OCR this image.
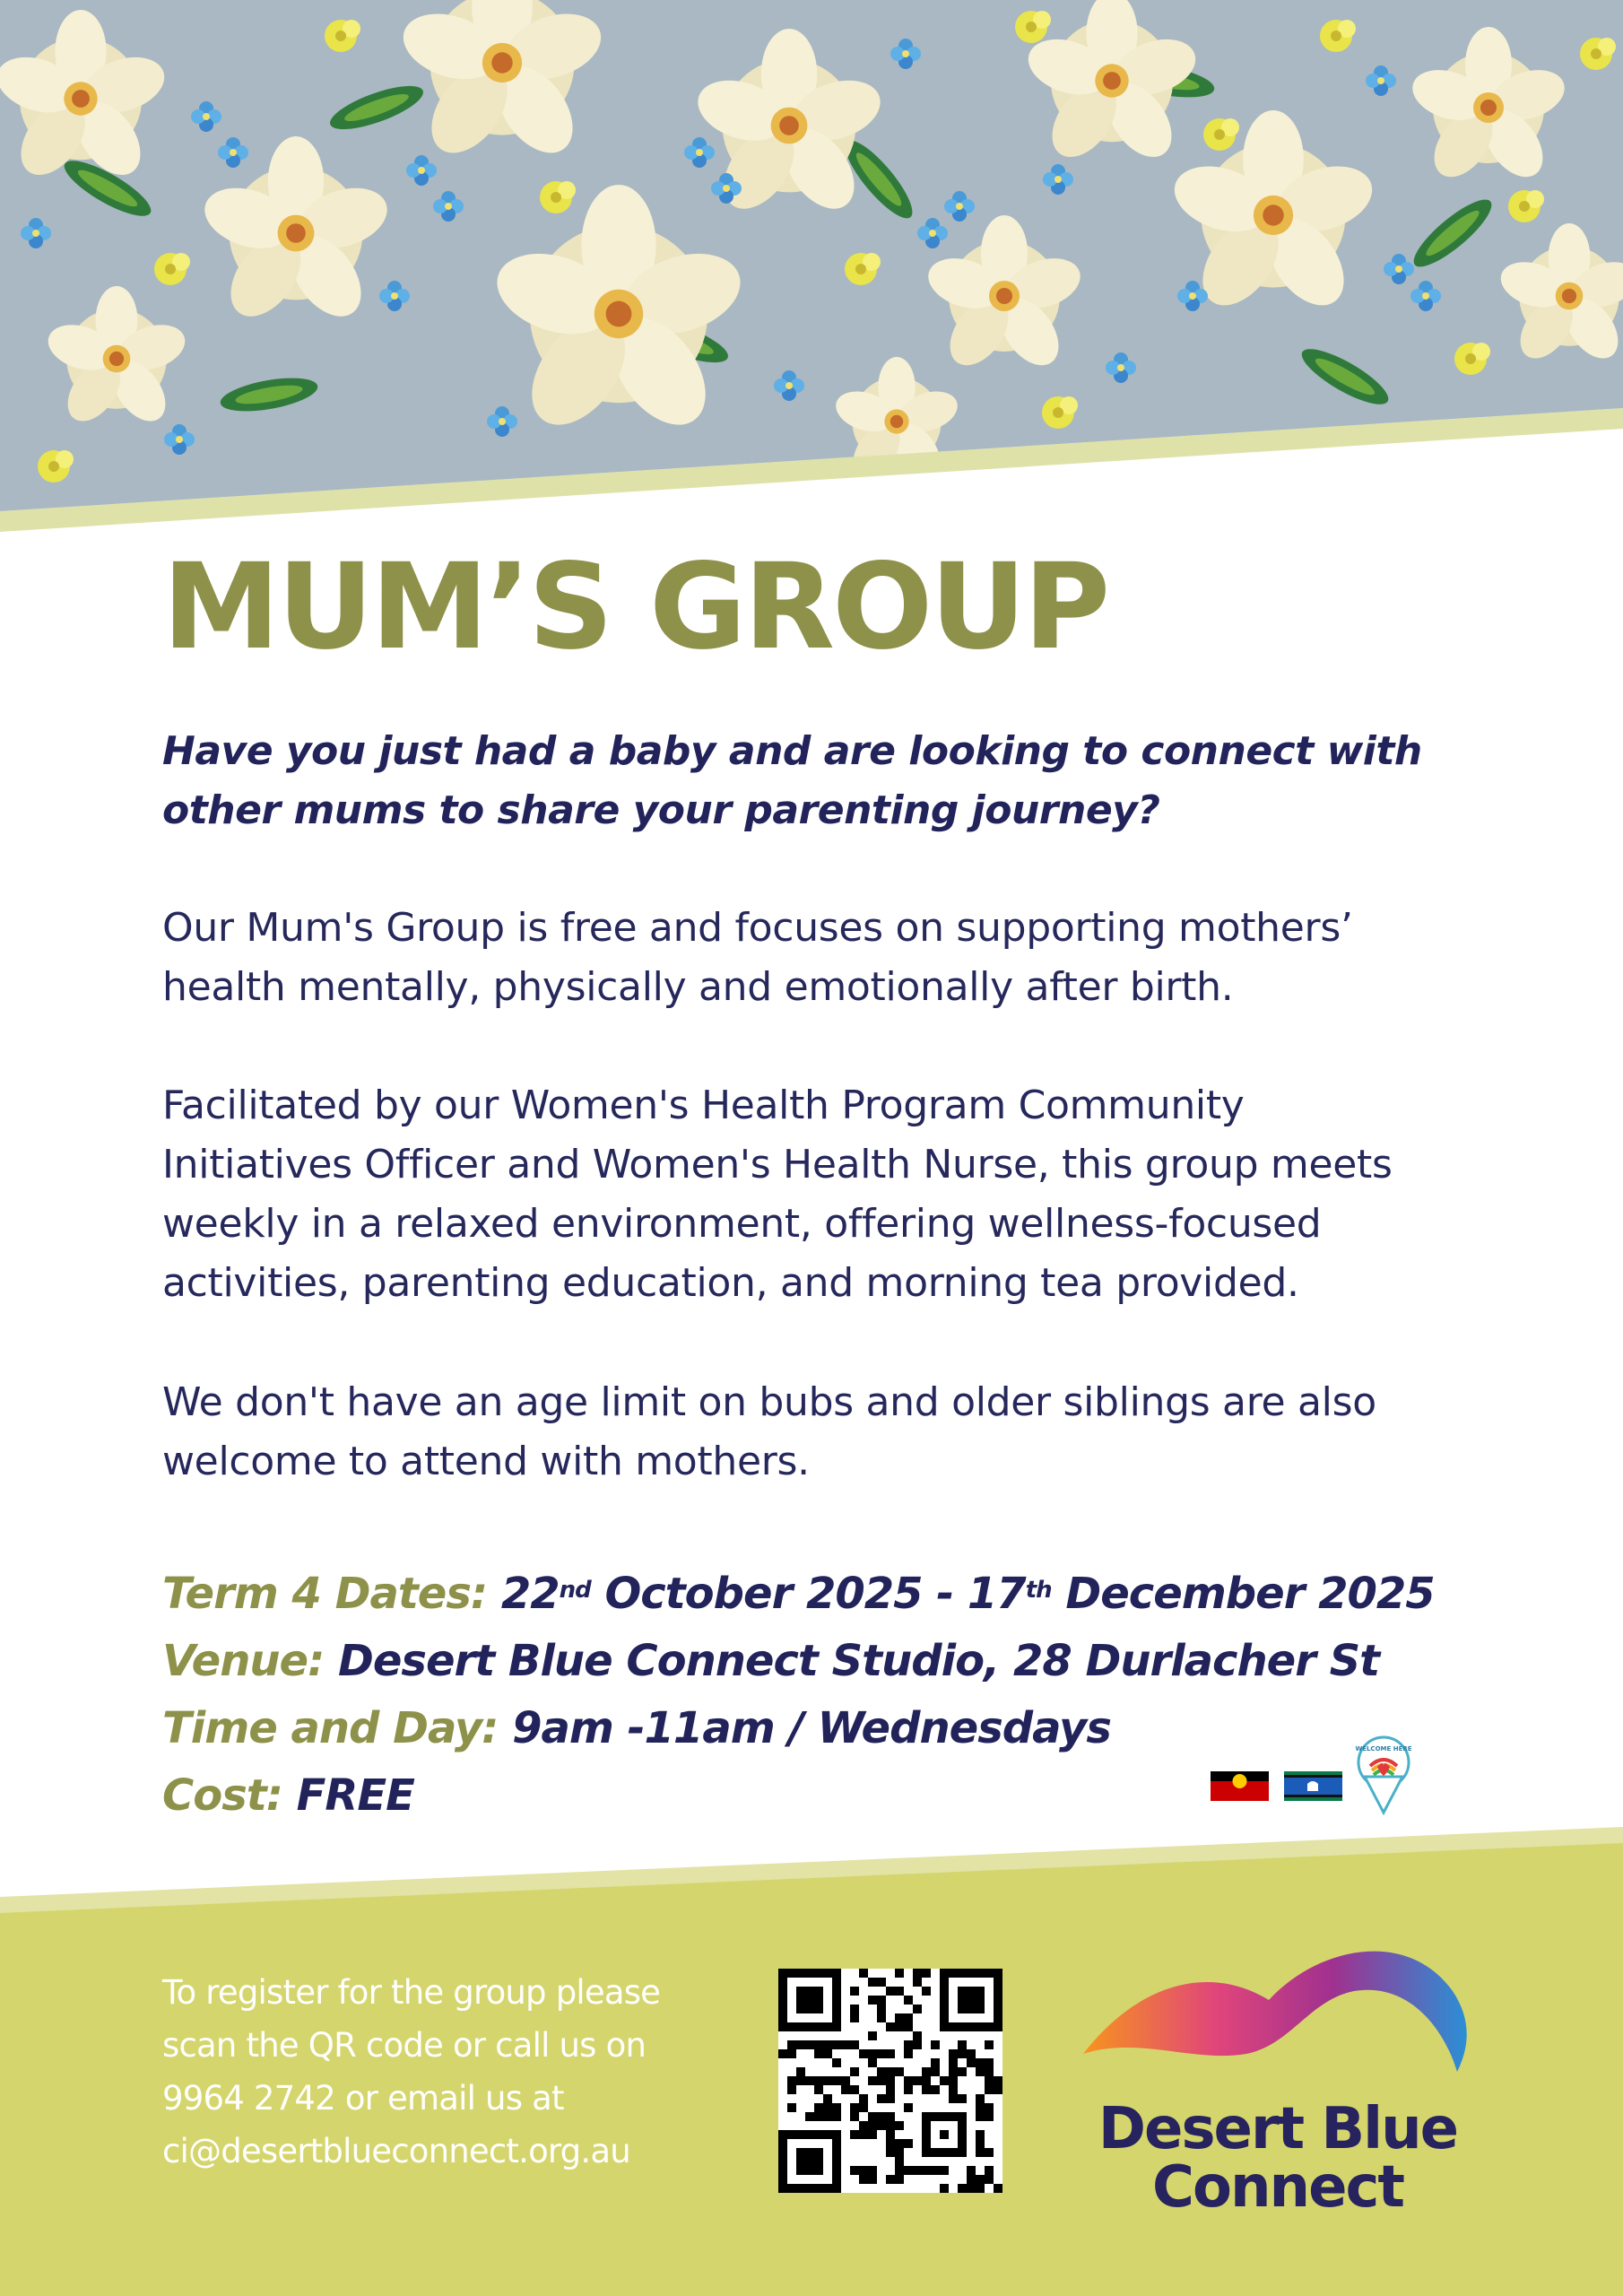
MUM’S GROUP

Have you just had a baby and are looking to connect with other mums to share your parenting journey?

Our Mum's Group is free and focuses on supporting mothers’ health mentally, physically and emotionally after birth.

Facilitated by our Women's Health Program Community Initiatives Officer and Women's Health Nurse, this group meets weekly in a relaxed environment, offering wellness-focused activities, parenting education, and morning tea provided.

We don't have an age limit on bubs and older siblings are also welcome to attend with mothers.

Term 4 Dates: 22nd October 2025 - 17th December 2025
Venue: Desert Blue Connect Studio, 28 Durlacher St
Time and Day: 9am -11am / Wednesdays
Cost: FREE
WELCOME HERE

To register for the group please scan the QR code or call us on 9964 2742 or email us at ci@desertblueconnect.org.au	Desert Blue
Connect
